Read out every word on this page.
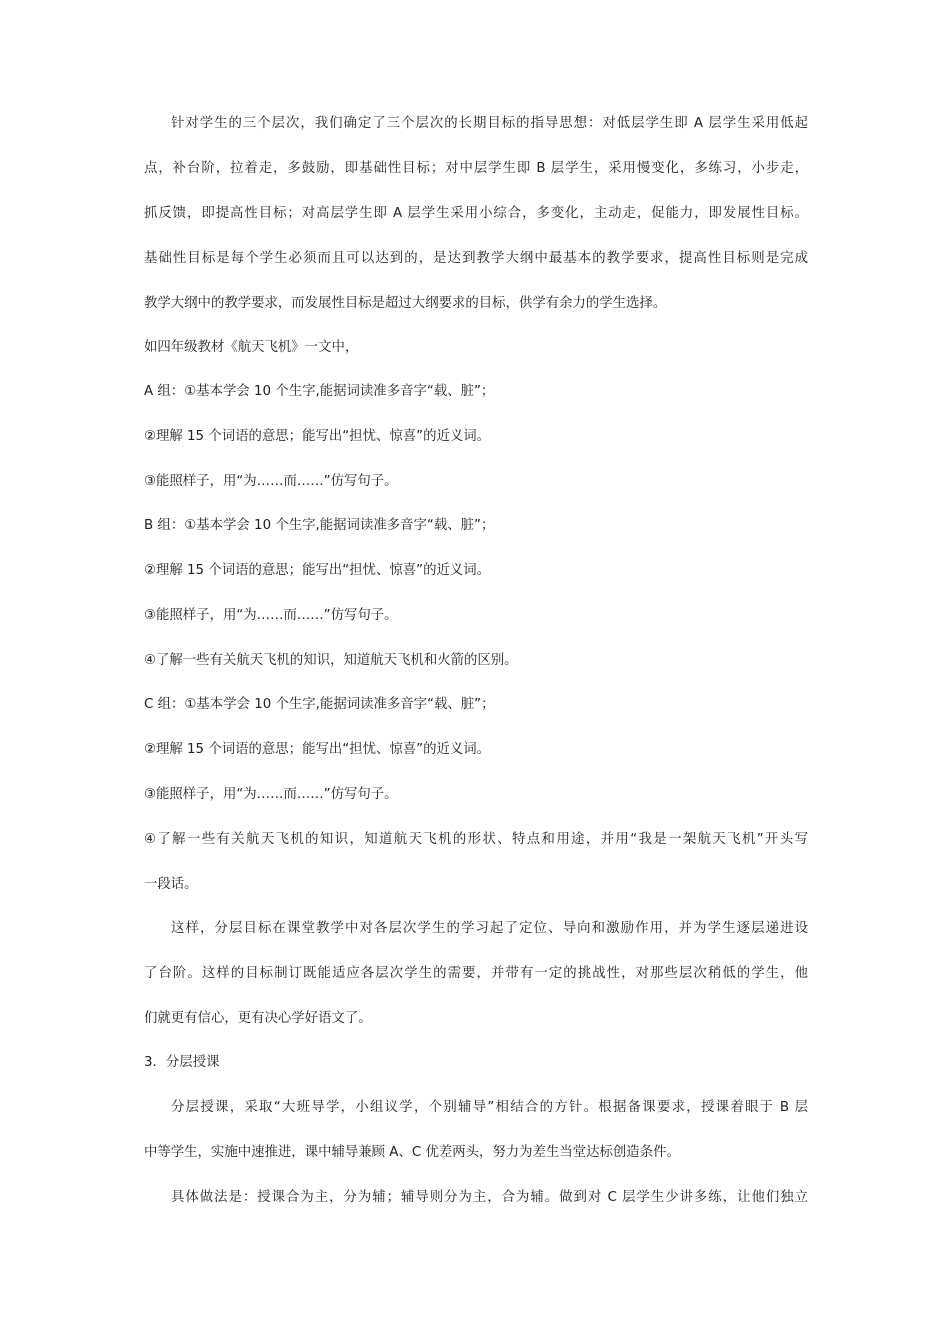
针对学生的三个层次，我们确定了三个层次的长期目标的指导思想：对低层学生即 A 层学生采用低起
点，补台阶，拉着走，多鼓励，即基础性目标；对中层学生即 B 层学生，采用慢变化，多练习，小步走，
抓反馈，即提高性目标；对高层学生即 A 层学生采用小综合，多变化，主动走，促能力，即发展性目标。
基础性目标是每个学生必须而且可以达到的，是达到教学大纲中最基本的教学要求，提高性目标则是完成
教学大纲中的教学要求，而发展性目标是超过大纲要求的目标，供学有余力的学生选择。
如四年级教材《航天飞机》一文中，
A 组：①基本学会 10 个生字,能据词读准多音字“载、脏”；
②理解 15 个词语的意思；能写出“担忧、惊喜”的近义词。
③能照样子，用“为……而……”仿写句子。
B 组：①基本学会 10 个生字,能据词读准多音字“载、脏”；
②理解 15 个词语的意思；能写出“担忧、惊喜”的近义词。
③能照样子，用“为……而……”仿写句子。
④了解一些有关航天飞机的知识，知道航天飞机和火箭的区别。
C 组：①基本学会 10 个生字,能据词读准多音字“载、脏”；
②理解 15 个词语的意思；能写出“担忧、惊喜”的近义词。
③能照样子，用“为……而……”仿写句子。
④了解一些有关航天飞机的知识，知道航天飞机的形状、特点和用途，并用“我是一架航天飞机”开头写
一段话。
这样，分层目标在课堂教学中对各层次学生的学习起了定位、导向和激励作用，并为学生逐层递进设
了台阶。这样的目标制订既能适应各层次学生的需要，并带有一定的挑战性，对那些层次稍低的学生，他
们就更有信心，更有决心学好语文了。
3．分层授课
分层授课，采取“大班导学，小组议学，个别辅导”相结合的方针。根据备课要求，授课着眼于 B 层
中等学生，实施中速推进，课中辅导兼顾 A、C 优差两头，努力为差生当堂达标创造条件。
具体做法是：授课合为主，分为辅；辅导则分为主，合为辅。做到对 C 层学生少讲多练，让他们独立
